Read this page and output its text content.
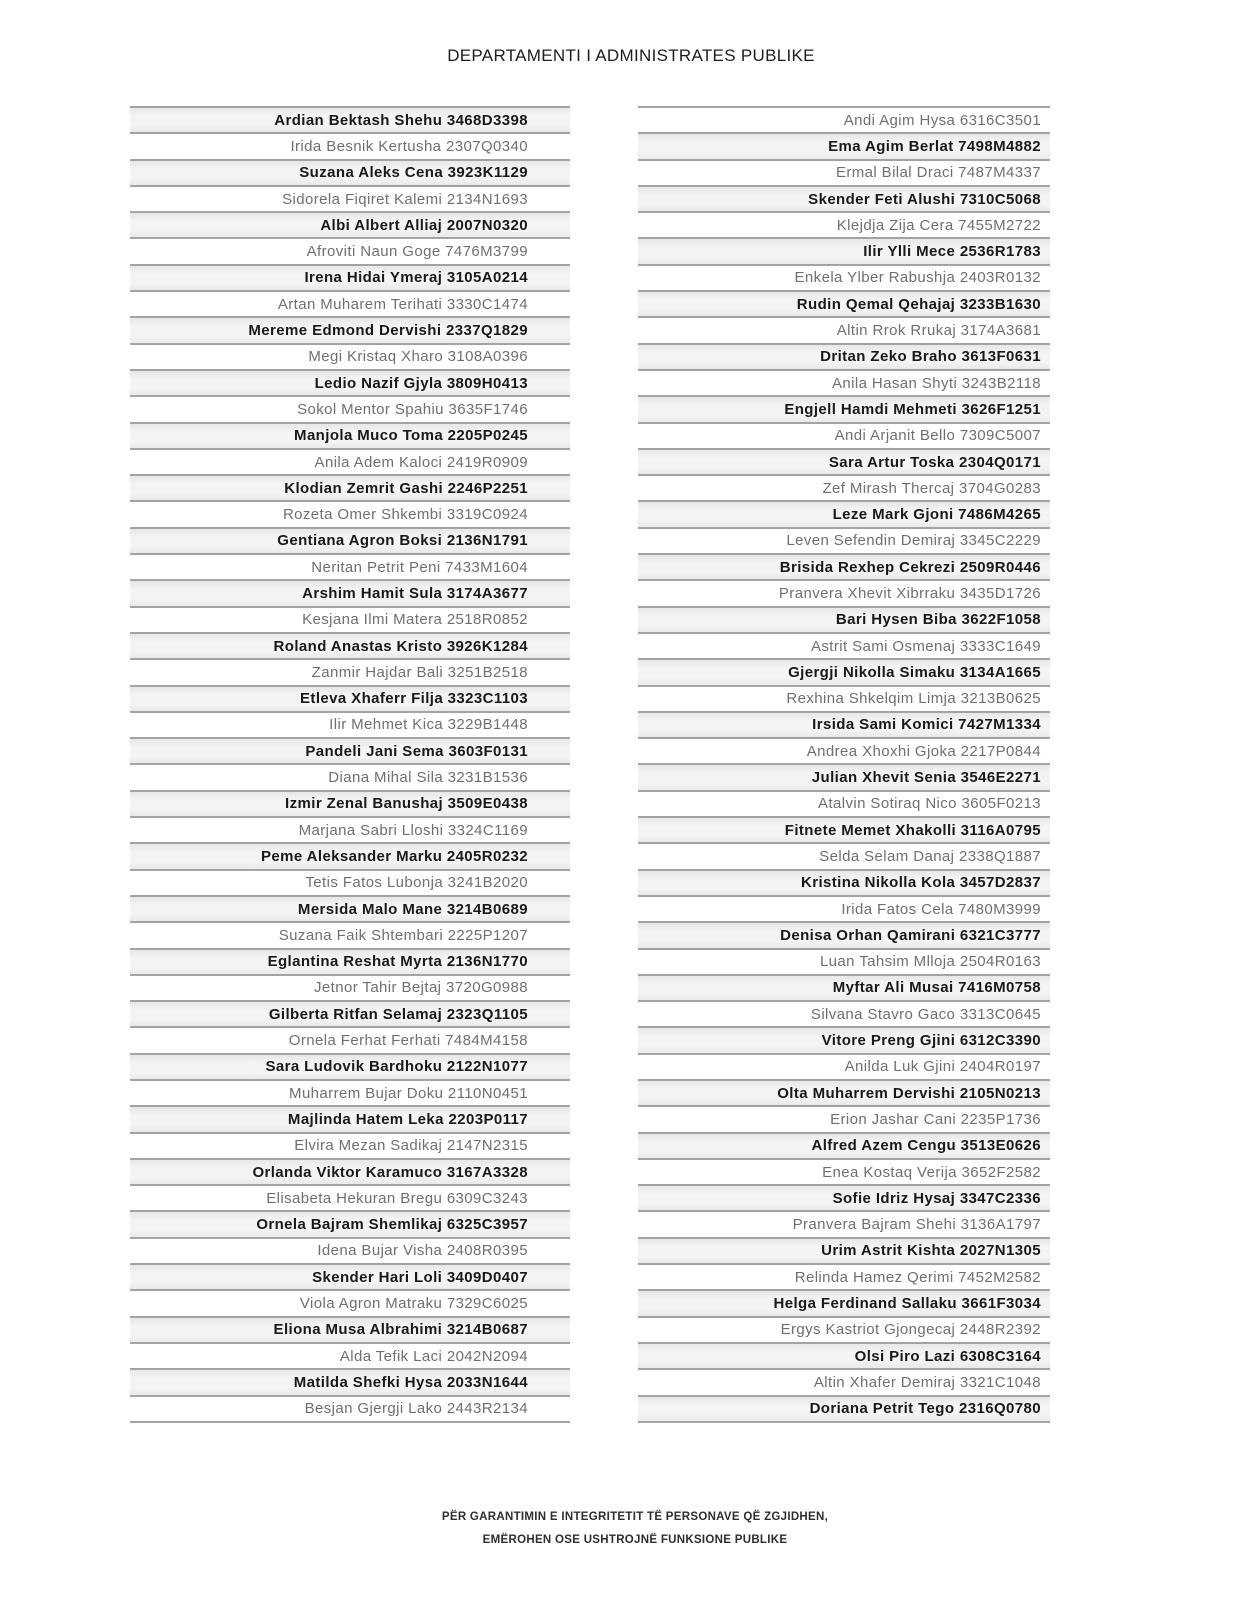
DEPARTAMENTI I ADMINISTRATES PUBLIKE
Ardian Bektash Shehu 3468D3398
Irida Besnik Kertusha 2307Q0340
Suzana Aleks Cena 3923K1129
Sidorela Fiqiret Kalemi 2134N1693
Albi Albert Alliaj 2007N0320
Afroviti Naun Goge 7476M3799
Irena Hidai Ymeraj 3105A0214
Artan Muharem Terihati 3330C1474
Mereme Edmond Dervishi 2337Q1829
Megi Kristaq Xharo 3108A0396
Ledio Nazif Gjyla 3809H0413
Sokol Mentor Spahiu 3635F1746
Manjola Muco Toma 2205P0245
Anila Adem Kaloci 2419R0909
Klodian Zemrit Gashi 2246P2251
Rozeta Omer Shkembi 3319C0924
Gentiana Agron Boksi 2136N1791
Neritan Petrit Peni 7433M1604
Arshim Hamit Sula 3174A3677
Kesjana Ilmi Matera 2518R0852
Roland Anastas Kristo 3926K1284
Zanmir Hajdar Bali 3251B2518
Etleva Xhaferr Filja 3323C1103
Ilir Mehmet Kica 3229B1448
Pandeli Jani Sema 3603F0131
Diana Mihal Sila 3231B1536
Izmir Zenal Banushaj 3509E0438
Marjana Sabri Lloshi 3324C1169
Peme Aleksander Marku 2405R0232
Tetis Fatos Lubonja 3241B2020
Mersida Malo Mane 3214B0689
Suzana Faik Shtembari 2225P1207
Eglantina Reshat Myrta 2136N1770
Jetnor Tahir Bejtaj 3720G0988
Gilberta Ritfan Selamaj 2323Q1105
Ornela Ferhat Ferhati 7484M4158
Sara Ludovik Bardhoku 2122N1077
Muharrem Bujar Doku 2110N0451
Majlinda Hatem Leka 2203P0117
Elvira Mezan Sadikaj 2147N2315
Orlanda Viktor Karamuco 3167A3328
Elisabeta Hekuran Bregu 6309C3243
Ornela Bajram Shemlikaj 6325C3957
Idena Bujar Visha 2408R0395
Skender Hari Loli 3409D0407
Viola Agron Matraku 7329C6025
Eliona Musa Albrahimi 3214B0687
Alda Tefik Laci 2042N2094
Matilda Shefki Hysa 2033N1644
Besjan Gjergji Lako 2443R2134
Andi Agim Hysa 6316C3501
Ema Agim Berlat 7498M4882
Ermal Bilal Draci 7487M4337
Skender Feti Alushi 7310C5068
Klejdja Zija Cera 7455M2722
Ilir Ylli Mece 2536R1783
Enkela Ylber Rabushja 2403R0132
Rudin Qemal Qehajaj 3233B1630
Altin Rrok Rrukaj 3174A3681
Dritan Zeko Braho 3613F0631
Anila Hasan Shyti 3243B2118
Engjell Hamdi Mehmeti 3626F1251
Andi Arjanit Bello 7309C5007
Sara Artur Toska 2304Q0171
Zef Mirash Thercaj 3704G0283
Leze Mark Gjoni 7486M4265
Leven Sefendin Demiraj 3345C2229
Brisida Rexhep Cekrezi 2509R0446
Pranvera Xhevit Xibrraku 3435D1726
Bari Hysen Biba 3622F1058
Astrit Sami Osmenaj 3333C1649
Gjergji Nikolla Simaku 3134A1665
Rexhina Shkelqim Limja 3213B0625
Irsida Sami Komici 7427M1334
Andrea Xhoxhi Gjoka 2217P0844
Julian Xhevit Senia 3546E2271
Atalvin Sotiraq Nico 3605F0213
Fitnete Memet Xhakolli 3116A0795
Selda Selam Danaj 2338Q1887
Kristina Nikolla Kola 3457D2837
Irida Fatos Cela 7480M3999
Denisa Orhan Qamirani 6321C3777
Luan Tahsim Mlloja 2504R0163
Myftar Ali Musai 7416M0758
Silvana Stavro Gaco 3313C0645
Vitore Preng Gjini 6312C3390
Anilda Luk Gjini 2404R0197
Olta Muharrem Dervishi 2105N0213
Erion Jashar Cani 2235P1736
Alfred Azem Cengu 3513E0626
Enea Kostaq Verija 3652F2582
Sofie Idriz Hysaj 3347C2336
Pranvera Bajram Shehi 3136A1797
Urim Astrit Kishta 2027N1305
Relinda Hamez Qerimi 7452M2582
Helga Ferdinand Sallaku 3661F3034
Ergys Kastriot Gjongecaj 2448R2392
Olsi Piro Lazi 6308C3164
Altin Xhafer Demiraj 3321C1048
Doriana Petrit Tego 2316Q0780
PËR GARANTIMIN E INTEGRITETIT TË PERSONAVE QË ZGJIDHEN,
EMËROHEN OSE USHTROJNË FUNKSIONE PUBLIKE
